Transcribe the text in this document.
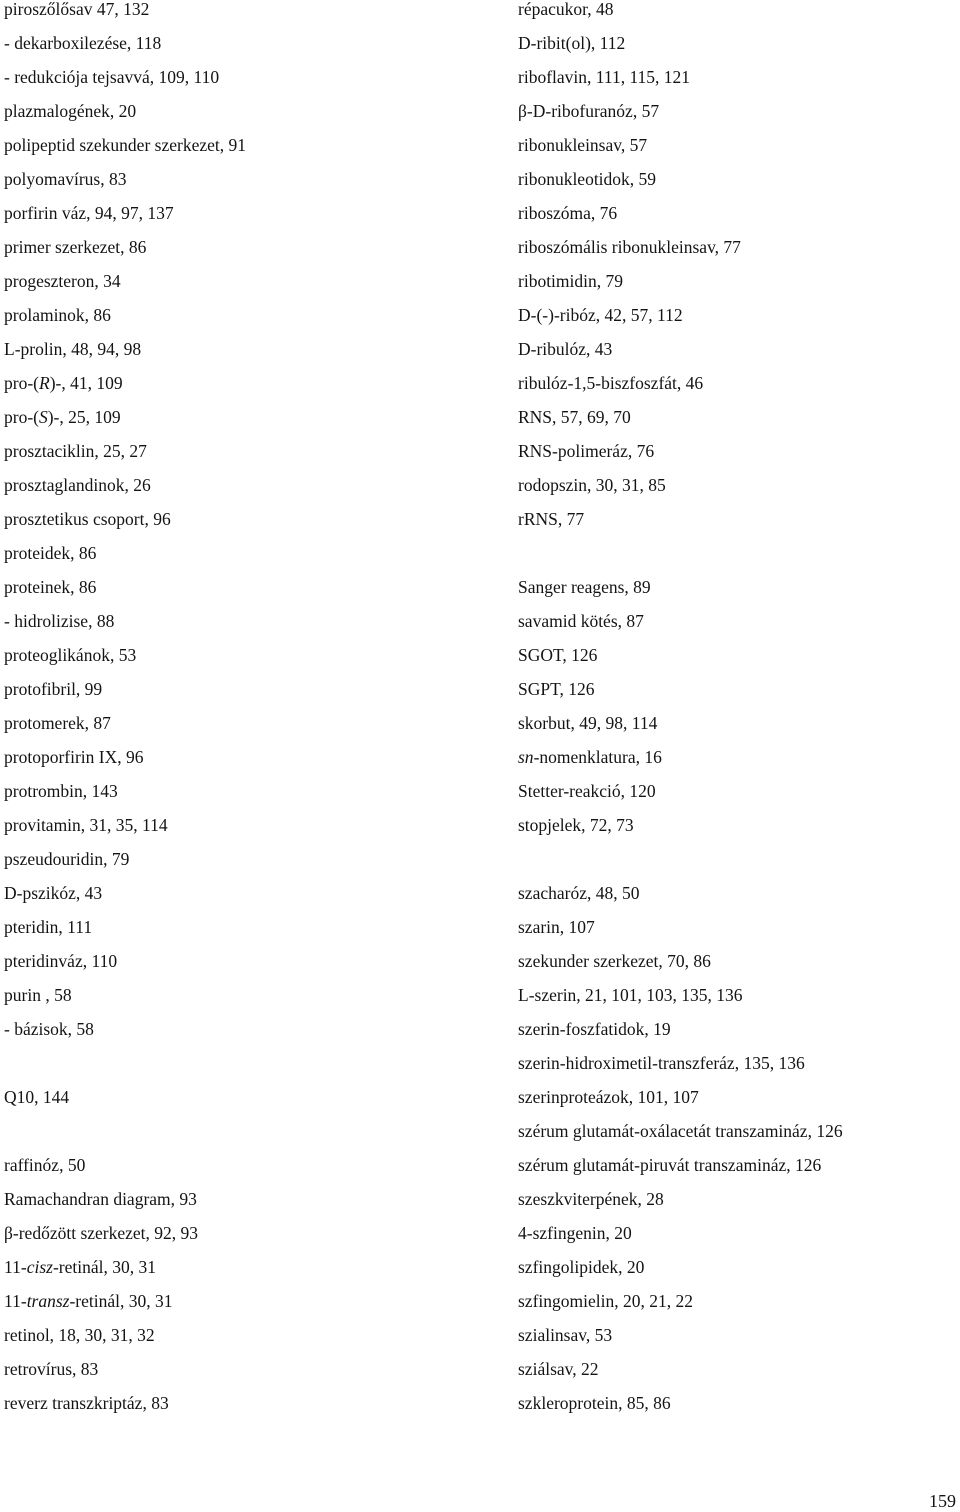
piroszőlősav 47, 132
- dekarboxilezése, 118
- redukciója tejsavvá, 109, 110
plazmalogének, 20
polipeptid szekunder szerkezet, 91
polyomavírus, 83
porfirin váz, 94, 97, 137
primer szerkezet, 86
progeszteron, 34
prolaminok, 86
L-prolin, 48, 94, 98
pro-(R)-, 41, 109
pro-(S)-, 25, 109
prosztaciklin, 25, 27
prosztaglandinok, 26
prosztetikus csoport, 96
proteidek, 86
proteinek, 86
- hidrolizise, 88
proteoglikánok, 53
protofibril, 99
protomerek, 87
protoporfirin IX, 96
protrombin, 143
provitamin, 31, 35, 114
pszeudouridin, 79
D-pszikóz, 43
pteridin, 111
pteridinváz, 110
purin , 58
- bázisok, 58
Q10, 144
raffinóz, 50
Ramachandran diagram, 93
β-redőzött szerkezet, 92, 93
11-cisz-retinál, 30, 31
11-transz-retinál, 30, 31
retinol, 18, 30, 31, 32
retrovírus, 83
reverz transzkriptáz, 83
répacukor, 48
D-ribit(ol), 112
riboflavin, 111, 115, 121
β-D-ribofuranóz, 57
ribonukleinsav, 57
ribonukleotidok, 59
riboszóma, 76
riboszómális ribonukleinsav, 77
ribotimidin, 79
D-(-)-ribóz, 42, 57, 112
D-ribulóz, 43
ribulóz-1,5-biszfoszfát, 46
RNS, 57, 69, 70
RNS-polimeráz, 76
rodopszin, 30, 31, 85
rRNS, 77
Sanger reagens, 89
savamid kötés, 87
SGOT, 126
SGPT, 126
skorbut, 49, 98, 114
sn-nomenklatura, 16
Stetter-reakció, 120
stopjelek, 72, 73
szacharóz, 48, 50
szarin, 107
szekunder szerkezet, 70, 86
L-szerin, 21, 101, 103, 135, 136
szerin-foszfatidok, 19
szerin-hidroximetil-transzferáz, 135, 136
szerinproteázok, 101, 107
szérum glutamát-oxálacetát transzamináz, 126
szérum glutamát-piruvát transzamináz, 126
szeszkviterpének, 28
4-szfingenin, 20
szfingolipidek, 20
szfingomielin, 20, 21, 22
szialinsav, 53
sziálsav, 22
szkleroprotein, 85, 86
159
